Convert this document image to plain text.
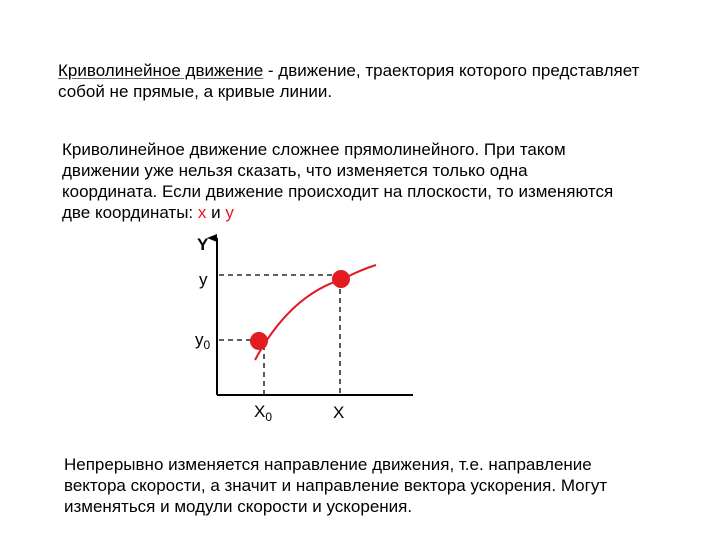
Криволинейное движение - движение, траектория которого представляет собой не прямые, а кривые линии.

Криволинейное движение сложнее прямолинейного. При таком движении уже нельзя сказать, что изменяется только одна координата. Если движение происходит на плоскости, то изменяются две координаты: х и у

Y
у
$у_0$
$Х_0$	Х

Непрерывно изменяется направление движения, т.е. направление вектора скорости, а значит и направление вектора ускорения. Могут изменяться и модули скорости и ускорения.
